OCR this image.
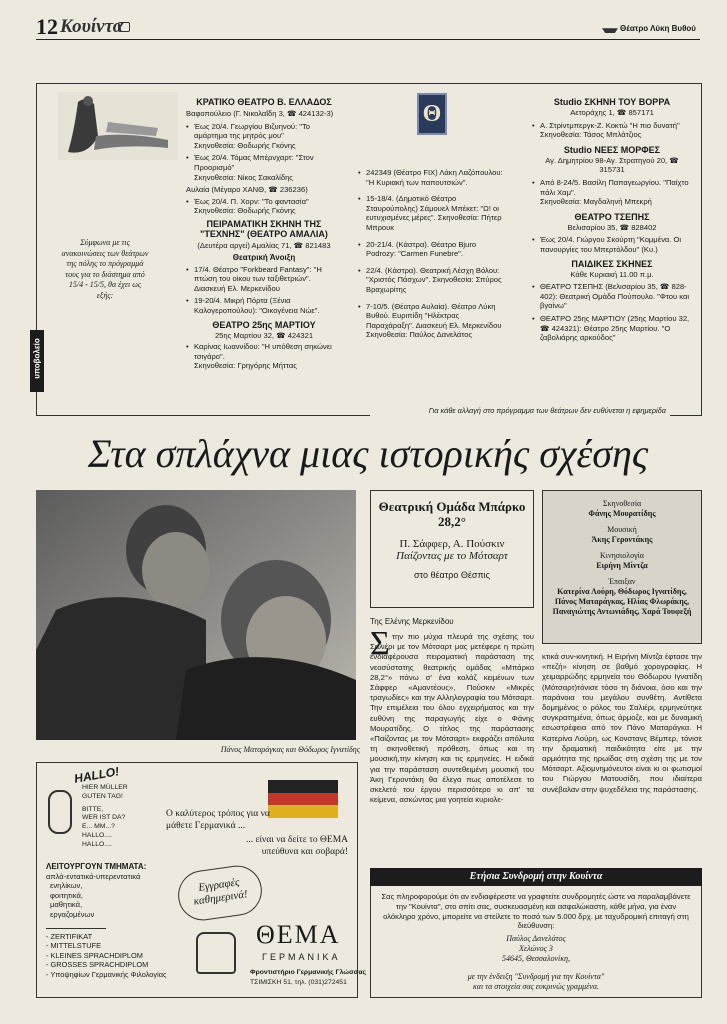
12 Κουίντα	Θέατρο Λύκη Βυθού
υποβολείο
Σύμφωνα με τις ανακοινώσεις των θεάτρων της πόλης το πρόγραμμά τους για το διάστημα από 15/4 - 15/5, θα έχει ως εξής:
ΚΡΑΤΙΚΟ ΘΕΑΤΡΟ Β. ΕΛΛΑΔΟΣ
Βαφοπούλειο (Γ. Νικολαΐδη 3, ☎ 424132-3)
• Έως 20/4. Γεωργίου Βιζυηνού: "Το αμάρτημα της μητρός μου"
Σκηνοθεσία: Θοδωρής Γκόνης
• Έως 20/4. Τόμας Μπέρνχαρτ: "Στον Προορισμό"
Σκηνοθεσία: Νίκος Σακαλίδης
Αυλαία (Μέγαρο ΧΑΝΘ, ☎ 236236)
• Έως 20/4. Π. Χορν: "Το φαντασία"
Σκηνοθεσία: Θοδωρής Γκόνης
ΠΕΙΡΑΜΑΤΙΚΗ ΣΚΗΝΗ ΤΗΣ "ΤΕΧΝΗΣ" (ΘΕΑΤΡΟ ΑΜΑΛΙΑ)
(Δευτέρα αργεί) Αμαλίας 71, ☎ 821483
Θεατρική Άνοιξη
• 17/4. Θέατρο "Forkbeard Fantasy": "Η πτώση του οίκου των ταξιθετριών". Διασκευή Ελ. Μερκενίδου
• 19-20/4. Μικρή Πόρτα (Ξένια Καλογεροπούλου): "Οικογένεια Νώε".
ΘΕΑΤΡΟ 25ης ΜΑΡΤΙΟΥ
25ης Μαρτίου 32, ☎ 424321
• Καρίνας Ιωαννίδου: "Η υπόθεση σηκώνει τσιγάρο".
Σκηνοθεσία: Γρηγόρης Μήττας
Θ
• 242349 (Θέατρο FIX) Λάκη Λαζόπουλου: "Η Κυριακή των παπουτσιών".
• 15-18/4. (Δημοτικό Θέατρο Σταυρούπολης) Σάμουελ Μπέκετ: "Ω! οι ευτυχισμένες μέρες". Σκηνοθεσία: Πήτερ Μπρουκ
• 20-21/4. (Κάστρα). Θέατρο Bjuro Podrozy: "Carmen Funebre".
• 22/4. (Κάστρα). Θεατρική Λέσχη Βόλου: "Χριστός Πάσχων". Σκηνοθεσία: Σπύρος Βραχωρίτης
• 7-10/5. (Θέατρο Αυλαία). Θέατρο Λύκη Βυθού. Ευριπίδη "Ηλέκτρας Παραχάραξη". Διασκευή Ελ. Μερκενίδου Σκηνοθεσία: Παύλος Δανελάτος
Studio ΣΚΗΝΗ ΤΟΥ ΒΟΡΡΑ
Αετοράχης 1, ☎ 857171
• Α. Στρίντμπεργκ-Ζ. Κοκτώ "Η πιο δυνατή"
Σκηνοθεσία: Τάσος Μπλάτζιος
Studio ΝΕΕΣ ΜΟΡΦΕΣ
Αγ. Δημητρίου 98-Αγ. Στρατηγού 20, ☎ 315731
• Από 8-24/5. Βασίλη Παπαγεωργίου. "Παίχτο πάλι Χαμ".
Σκηνοθεσία: Μαγδαληνή Μπεκρή
ΘΕΑΤΡΟ ΤΣΕΠΗΣ
Βελισαρίου 35, ☎ 828402
• Έως 20/4. Γιώργου Σκούρτη "Κομμένα. Οι πανουργίες του Μπερτόλδου" (Κυ.)
ΠΑΙΔΙΚΕΣ ΣΚΗΝΕΣ
Κάθε Κυριακή 11.00 π.μ.
• ΘΕΑΤΡΟ ΤΣΕΠΗΣ (Βελισαρίου 35, ☎ 828-402): Θεατρική Ομάδα Πούπουλο. "Φτου και βγαίνω"
• ΘΕΑΤΡΟ 25ης ΜΑΡΤΙΟΥ (25ης Μαρτίου 32, ☎ 424321): Θέατρο 25ης Μαρτίου. "Ο ζαβολιάρης αρκούδος"
Για κάθε αλλαγή στο πρόγραμμα των θεάτρων δεν ευθύνεται η εφημερίδα
Στα σπλάχνα μιας ιστορικής σχέσης
Πάνος Ματαράγκας και Θόδωρος Ιγνατίδης
Θεατρική Ομάδα Μπάρκο 28,2°
Π. Σάφφερ, Α. Πούσκιν
Παίζοντας με το Μότσαρτ
στο θέατρο Θέσπις
Σκηνοθεσία
Φάνης Μουρατίδης
Μουσική
Άκης Γεροντάκης
Κινησιολογία
Ειρήνη Μίντζα
Έπαιξαν
Κατερίνα Λούρη, Θόδωρος Ιγνατίδης, Πάνος Ματαράγκας, Ηλίας Φλωράκης, Παναγιώτης Αντωνιάδης, Χαρά Τουφεξή
Της Ελένης Μερκενίδου
Σ την πιο μύχια πλευρά της σχέσης του Σαλιέρι με τον Μότσαρτ μας μετέφερε η πρώτη ενδιαφέρουσα πειραματική παράσταση της νεοσύστατης θεατρικής ομάδας «Μπάρκο 28,2°» πάνω σ' ένα κολάζ κειμένων των Σάφφερ «Αμαντέους», Πούσκιν «Μικρές τραγωδίες» και την Αλληλογραφία του Μότσαρτ. Την επιμέλεια του όλου εγχειρήματος και την ευθύνη της παραγωγής είχε ο Φάνης Μουρατίδης. Ο τίτλος της παράστασης «Παίζοντας με τον Μότσαρτ» εκφράζει απόλυτα τη σκηνοθετική πρόθεση, όπως και τη μουσική,την κίνηση και τις ερμηνείες. Η ειδικά για την παράσταση συντεθειμένη μουσική του Άκη Γεροντάκη θα έλεγα πως αποτέλεσε το σκελετό του έργου περισσότερο κι απ' τα κείμενα, ασκώντας μια γοητεία κυριολε-
κτικά συν-κινητική. Η Ειρήνη Μίντζα έφτασε την «πεζή» κίνηση σε βαθμό χορογραφίας. Η χειμαρρώδης ερμηνεία του Θόδωρου Ιγνατίδη (Μότσαρτ)τόνισε τόσο τη διάνοια, όσο και την παράνοια του μεγάλου συνθέτη. Αντίθετα δομημένος ο ρόλος του Σαλιέρι, ερμηνεύτηκε συγκρατημένα, όπως άρμοζε, και με δυναμική εσωστρέφεια από τον Πάνο Ματαράγκα. Η Κατερίνα Λούρη, ως Κονστανς Βέμπερ, τόνισε την δραματική παιδικότητα είτε με την αρμιότητα της ηρωίδας στη σχέση της με τον Μότσαρτ. Αξιομνημόνευτοι είναι κι οι φωτισμοί του Γιώργου Ματουσίδη, που ιδιαίτερα συνέβαλαν στην ψυχεδέλεια της παράστασης.
HALLO!
HIER MÜLLER
GUTEN TAG!
BITTE,
WER IST DA?
E... MM...?
HALLO....
HALLO....
Ο καλύτερος τρόπος για να μάθετε Γερμανικά ...
... είναι να δείτε το ΘΕΜΑ υπεύθυνα και σοβαρά!
ΛΕΙΤΟΥΡΓΟΥΝ ΤΜΗΜΑΤΑ:
απλά-εντατικά-υπερεντατικά
ενηλίκων,
φοιτητικά,
μαθητικά,
εργαζομένων
- ZERTIFIKAT
- MITTELSTUFE
- KLEINES SPRACHDIPLOM
- GROSSES SPRACHDIPLOM
- Υποψηφίων Γερμανικής Φιλολογίας
Εγγραφές καθημερινά!
ΘΕΜΑ
ΓΕΡΜΑΝΙΚΑ
Φροντιστήριο Γερμανικής Γλώσσας
ΤΣΙΜΙΣΚΗ 51, τηλ. (031)272451
Ετήσια Συνδρομή στην Κουίντα
Σας πληροφορούμε ότι αν ενδιαφέρεστε να γραφτείτε συνδρομητές ώστε να παραλαμβάνετε την "Κουίντα", στο σπίτι σας, συσκευασμένη και ασφαλώκαστη, κάθε μήνα, για έναν ολόκληρο χρόνο, μπορείτε να στείλετε το ποσό των 5.000 δρχ. με ταχυδρομική επιταγή στη διεύθυνση:
Παύλος Δανελάτος
Χελώνος 3
54645, Θεσσαλονίκη,
με την ένδειξη "Συνδρομή για την Κουίντα"
και τα στοιχεία σας ευκρινώς γραμμένα.
